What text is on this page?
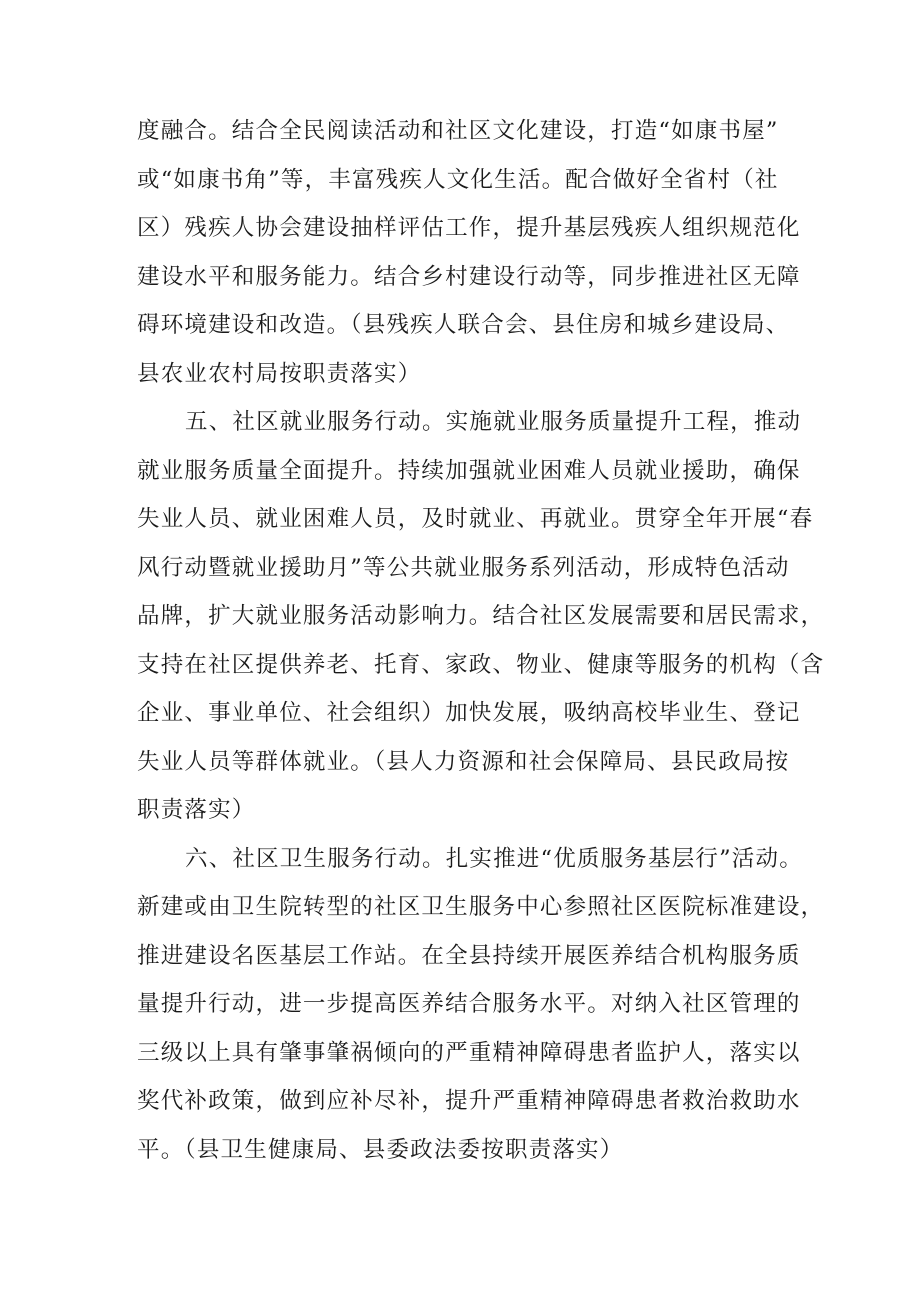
度融合。结合全民阅读活动和社区文化建设，打造“如康书屋”
或“如康书角”等，丰富残疾人文化生活。配合做好全省村（社
区）残疾人协会建设抽样评估工作，提升基层残疾人组织规范化
建设水平和服务能力。结合乡村建设行动等，同步推进社区无障
碍环境建设和改造。（县残疾人联合会、县住房和城乡建设局、
县农业农村局按职责落实）
五、社区就业服务行动。实施就业服务质量提升工程，推动
就业服务质量全面提升。持续加强就业困难人员就业援助，确保
失业人员、就业困难人员，及时就业、再就业。贯穿全年开展“春
风行动暨就业援助月”等公共就业服务系列活动，形成特色活动
品牌，扩大就业服务活动影响力。结合社区发展需要和居民需求，
支持在社区提供养老、托育、家政、物业、健康等服务的机构（含
企业、事业单位、社会组织）加快发展，吸纳高校毕业生、登记
失业人员等群体就业。（县人力资源和社会保障局、县民政局按
职责落实）
六、社区卫生服务行动。扎实推进“优质服务基层行”活动。
新建或由卫生院转型的社区卫生服务中心参照社区医院标准建设，
推进建设名医基层工作站。在全县持续开展医养结合机构服务质
量提升行动，进一步提高医养结合服务水平。对纳入社区管理的
三级以上具有肇事肇祸倾向的严重精神障碍患者监护人，落实以
奖代补政策，做到应补尽补，提升严重精神障碍患者救治救助水
平。（县卫生健康局、县委政法委按职责落实）
